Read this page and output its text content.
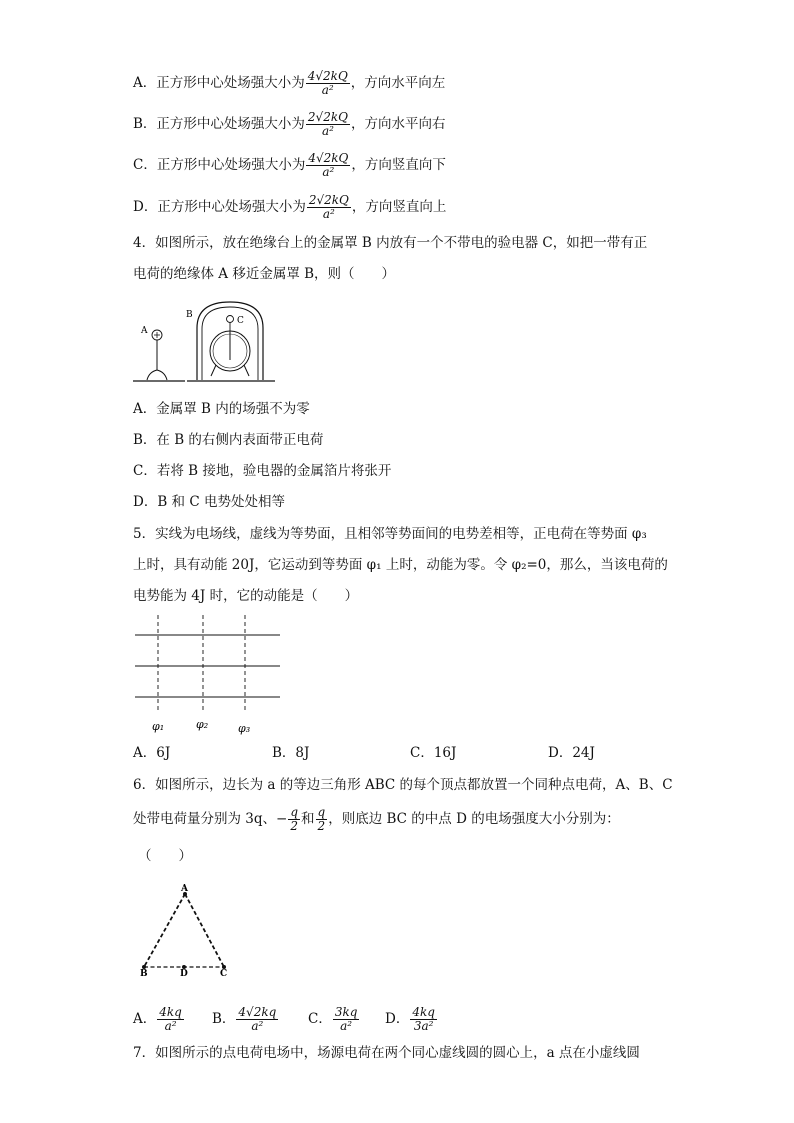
A．正方形中心处场强大小为 $\frac{4√2kQ}{\text{a²}}$ ，方向水平向左
B．正方形中心处场强大小为 $\frac{2√2kQ}{\text{a²}}$ ，方向水平向右
C．正方形中心处场强大小为 $\frac{4√2kQ}{\text{a²}}$ ，方向竖直向下
D．正方形中心处场强大小为 $\frac{2√2kQ}{\text{a²}}$ ，方向竖直向上
4．如图所示，放在绝缘台上的金属罩 B 内放有一个不带电的验电器 C，如把一带有正
电荷的绝缘体 A 移近金属罩 B，则（　　）
A
B
C
A．金属罩 B 内的场强不为零
B．在 B 的右侧内表面带正电荷
C．若将 B 接地，验电器的金属箔片将张开
D．B 和 C 电势处处相等
5．实线为电场线，虚线为等势面，且相邻等势面间的电势差相等，正电荷在等势面 φ₃
上时，具有动能 20J，它运动到等势面 φ₁ 上时，动能为零。令 φ₂=0，那么，当该电荷的
电势能为 4J 时，它的动能是（　　）
φ₁	φ₂	φ₃
A．6J	B．8J	C．16J	D．24J
6．如图所示，边长为 a 的等边三角形 ABC 的每个顶点都放置一个同种点电荷，A、B、C
处带电荷量分别为 3q、− $\frac{q}{2}$ 和 $\frac{q}{2}$ ，则底边 BC 的中点 D 的电场强度大小分别为：
（　　）
A
B	D	C
A． $\frac{4kq}{\text{a²}}$ B． $\frac{4√2kq}{\text{a²}}$ C． $\frac{3kq}{\text{a²}}$ D． $\frac{4kq}{\text{3a²}}$
7．如图所示的点电荷电场中，场源电荷在两个同心虚线圆的圆心上，a 点在小虚线圆
